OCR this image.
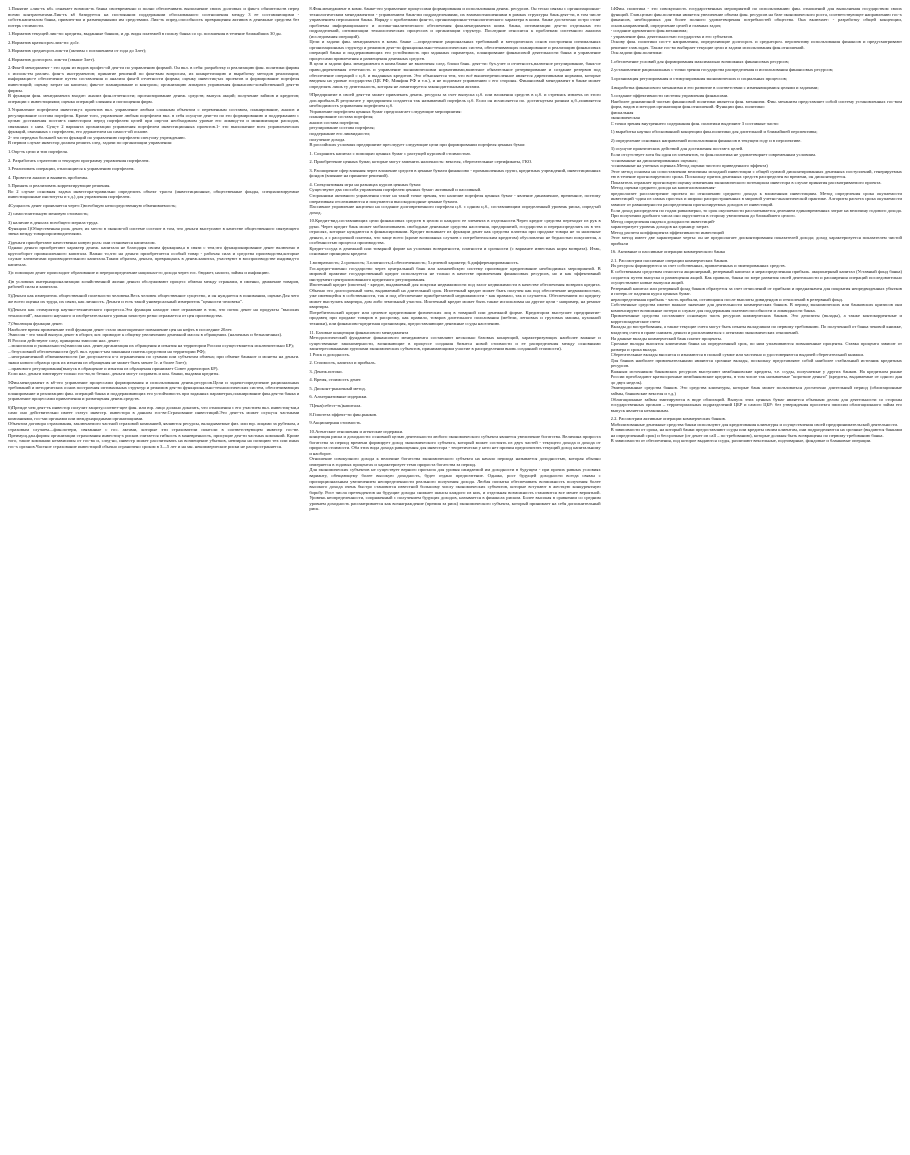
1.Понятие «лик-ть кб» означает возмож-ть банка своевременно и полно обеспечивать выполнение своих долговых и фин-х обязательств перед всеми контрагентами.Лик-ть кб базируется на постоянном поддержании обоснованного соотношения между 3 ее составляющими - собств.капиталом банка, привлеч-ми и размещенными им средствами. Лик-ть опред.способность превращения активов в денежные средства без потерь стоимости.

1.Норматив текущей лик-ти: кредиты, выданные банком, и др. виды платежей в пользу банка со ср. погашения в течение ближайших 30 дн.

2.Норматив краткосроч.лик-ти: до1г.

3.Норматив среднесроч.лик-ти (активы с погашением от года до 3лет);

4.Норматив долгосроч. лик-ти (свыше 3лет).

2.Фин-й менеджмент - это один из видов профес-ой дея-ти по управлению фирмой. Он вкл. в себя: разработку и реализацию фин. политики фирмы с исполь-ем различ. фин-х инструментов; принятие решений по фин-вым вопросам, их конкретизацию и выработку методов реализации; информацио-е обеспечение путем составления и анализа фин-й отчетности фирмы; оценку инвестиц-ых проектов и формирование портфеля инвестиций; оценку затрат на капитал; фин-ое планирование и контроль; организацию аппарата управления финансово-хозяйственной деят-ю фирмы.

В функции фин. менеджмента входит: анализ фин.отчетности; прогнозирование денеж. средств; выпуск акций; получение займов и кредитов; операции с инвестициями; оценка операций слияния и поглощения фирм.

3.Управление портфелем инвестиц-х проектов вкл. управление любым сложным объектом с переменным составом, планирование, анализ и регулирование состава портфеля. Кроме того, управление любым портфелем вкл. в себя осущ-ие деят-ти по его формированию и поддержанию с целью достижения постав-х инвестором перед портфелем целей при опр-ом необходимом уровне его ликвид-ти и минимизации расходов, связанных с ним. Сущ-т 2 варианта организации управления портфелем инвестиционных проектов.1- это выполнение всех управленческих функций, связанных с портфелем, его держателем на самост-ой основе.

2- это передача большей части функций по управлению портфелем спец-ому учреждению.

В первом случае инвестор должен решить след. задачи по организации управления:

1.Опр-ть цели и тип портфеля.

2. Разработать стратегию и текущую программу управления портфелем.

3.Реализовать операции, относящиеся к управлению портфелем.

4. Провести анализ и выявить проблемы.

5.Принять и реализовать корректирующие решения.

Во 2 случае основная задача инвестора-правильно определить объект траста (инвестиционные, общественные фонды, специализируемые инвестиционные институты и т.д.) для управления портфелем.

4Сущность денег проявляется через:1)всеобщую непосредственную обмениваемость;

2) самостоятельную меновую стоимость;

3) наличие в деньгах всеобщего мерила труда.

Функции:1)Общественная роль денег, их место в эконом-ой системе состоит в том, что деньги выступают в качестве общественного связующего звена между товаропроизводителями.

2)деньги приобретают качественно новую роль: они становятся капиталом.

Однако деньги приобретают характер денеж. капитала не благодаря своим функциям,а в связи с тем,что функционирование денег включено в кругооборот промышленного капитала. Важно то,что на деньги приобретается особый товар - рабочая сила и средства производства,которые служат элементами производительного капитала.Таким образом, деньги, превращаясь в денеж.капитал, участвуют в воспроизводстве индивид-го капитала.

3)с помощью денег происходит образование и перераспределение национал-го дохода через гос. бюджет, налоги, займы и инфляцию.

4)в условиях интернационализации хозяйственной жизни деньги обслуживают процесс обмена между странами, в именно, движение товаров, рабочей силы и капитала.

5)Деньги как измеритель общественной полезности человека.Весь человек общественное существо, и он нуждается в понимании, оценке.Для чего же всего оценка их труда, их связи, как личность. Деньги и есть такой универсальный измеритель "ценности человека".

6)Деньги как стимулятор научно-технического прогресса.Эта функция находит свое отражение в том, что поток денег на продукты "высоких технологий", высокого научного и изобретательского уровня зачастую резко отражается от цен производства.

7)Эволюция функции денег.

Наиболее время применение этой функции денег стало многократное повышение цен на нефть в последние 20лет.

Эмиссия - это такой выпуск денег в оборот, кот. приводит к общему увеличению денежной массы в обращении. (наличных и безналичных).

В России действуют след. принципы эмиссии нал. денег:

...монополия и уникальность(эмиссия нал. денег,организация их обращения и изъятия на территории России осуществляется исключительно БР);

...безусловной обеспеченности (руб. вкл. единст-ым законным платеж.средством на территории РФ);

...неограниченной обмениваемости (не допускается к-л ограничения по суммам или субъектам обмена; при обмене банкнот и монеты на деньги. знаки нового образца срок их изъятия из обращения не может быть менее 1г. и более 5лет);

...правового регулирования(выпуск в обращение и изъятия из обращения принимает Совет директоров БР).

Если нал. деньги эмитирует только гос-во,то безнал. деньги могут создавать и кон. банки, выдавая кредиты.

5Фин.менеджмент в кб-это управление процессами формирования и использования денеж.ресурсов.Цели и задачи-определение рациональных требований и методических основ построения оптимальных структур и режимов дея-ти функционально-технологических систем, обеспечивающих планирование и реализацию фин. операций банка и поддерживающих его устойчивость при заданных параметрах,планирование фин.дея-ти банка и управление процессами привлечения и размещения денеж.средств.

6)Прежде чем деят-ть инвестор получит защиту,соответ-щее фин. или юр. лицо должно доказать, что отношения с его участием вкл. инвестиц-ми,а само оно действительно имеет статус инвестр. инвестора в данном гос-ве.Страхование инвестиций.Это деят-ть может осущ-ся частными компаниями, гос-ми органами или международными организациями.

Объектом договора страхования, заключаемого частной страховой компанией, являются ресурсы, вкладываемые физ. или юр. лицами за рубежом, а страховым случаем—фин.потери, связанные с гос. актами, которые эти страхователи понесли в соответствующем инвестр гос-ве. Преимущ.дан.формы организации страхования инвестиц-х рисков считается гибкость в маневренность, присущие дея-ти частных компаний. Кроме того, такие компании независимы от гос-ва и, след-но, инвестр может рассчитывать на возмещение убытков, невзирая на позицию тех или иных гос-х органов.Частное страхование инвестиций обычно ограничено сроком в 3—5 лет и на мн. некоммерческие риски не распространяется.

8.Фин.менеджмент в комм. банке-это управление процессами формирования и использования денеж. ресурсов. Он тесно связан с организационно-технологическим менеджментом - управлением банк-ми подразделениями, их взаимоотношениями в рамках структуры банк.деят-ти, в том числе управлением персоналом банка. Наряду с проблемами фин-го, организационно-технологического характера в комм. банке достаточно остро стоят проблемы информационного и логико-аналитического обеспечения фин.менеджмента комм. банка, оптимизации дея-ти отдельных его подразделений, оптимизации технологических процессов и организации структур. Последние относятся к проблемам системного анализа (исследования операций).

Цели и задачи фин. менеджмента в комм. банке —определение рациональных требований и методических основ построения оптимальных организационных структур и режимов деят-ти функционально-технологических систем, обеспечивающих планирование и реализацию финансовых операций банка и поддерживающих его устойчивость при заданных параметрах, планирование финансовой деятельности банка и управление процессами привлечения и размещения денежных средств.

В цели и задачи фин. менеджмента в комм.банке не включены след. блоки банк. деят-ти: бух.учет и отчетность,валютное регулирование, банк-ое право,директивная отчетность и управление экономическими нормативами,валютное обязательное резервирование и создание резервов под обеспечение операций с ц.б. и выданных кредитов. Это объясняется тем, что всё вышеперечисленное является директивными нормами, которые введены на уровне государства (ЦБ РФ, Минфин РФ и т.п.), и не подлежат управлению с его стороны. Финансовый менеджмент в банке может определять лишь ту деятельность, которая не лимитируется законодательными актами.

9Предприятие в своей деят-ти может привлекать денеж. ресурсы за счет выпуска ц.б. или вложения средств в ц.б. и стремясь извлечь из этого доп.прибыль.В результате у предприятия создается так называемый портфель ц.б. Если он исчисляется по. достигнутым разным ц.б.,появляется необходимость управления портфелем ц.б.

Управление портфелем ценных бумаг предполагает следующие мероприятия:

планирование состава портфеля;

анализ состава портфеля;

регулирование состава портфеля;

поддержание его ликвидности;

получение дохода.

В российских условиях предприятие преследует следующие цели при формировании портфеля ценных бумаг.

1. Сохранить капитал с помощью ценных бумаг с растущей курсовой стоимостью.

2. Приобретение ценных бумаг, которые могут заменить наличность: векселя, сберегательные сертификаты, ГКО.

3. Расширение сфер влияния через вложение средств в ценные бумаги финансово - промышленных групп, кредитных учреждений, инвестиционных фондов (влияние на принятие решений).

4. Спекулятивная игра на разницах курсов ценных бумаг.

Существуют два способа управления портфелем ценных бумаг: активный и пассивный.

Сторонники активного управления стоят на такой точке зрения, что наличие портфеля ценных бумаг - явление динамичное, временное, поэтому оперативная отслеживаются и покупаются высокодоходные ценные бумаги.

Пассивное управление нацелено на создание долговременного портфеля ц.б. с одним ц.б., составляющим определенный уровень риска, опред-ый доход.

10.Кредит-вид.составляющих цели финансовых средств в целом и каждого ее элемента в отдельности.Через кредит средства переходят из рук в руки. Через кредит банк может мобилизовывать свободные денежные средства населения, предприятий, государства и перераспределять их в тех отраслях, которые нуждаются в финансировании. Кредит возникает из функции денег как средства платежа при продаже товара не за наличные деньги, а с рассрочкой платежа, что чаще всего (кроме возможных случаев с потребительским кредитом) обусловлено не бедностью покупателя, а особенностью процесса производства.

Кредит-сссуда в денежной или товарной форме на условиях возвратности, платности и срочности (с варианте известных норм возврата). Итак, основные принципы кредита:

1.возвратность; 2.срочность; 3.платность;4.обеспеченность; 5.целевой характер; 6.дифференцированность.

Гос.кредит-именно государство через центральный банк или казначейскую систему производит кредитование необходимых мероприятий. В мировой практике государственный кредит используется не только в качестве привлечения финансовых ресурсов, но и как эффективный инструмент централизованного кредитного регулирования.

Ипотечный кредит (ипотека) - кредит, выдаваемый для покупки недвижимости под залог недвижимости в качестве обеспечения возврата кредита. Обычно это долгосрочный заем, выдаваемый на длительный срок. Ипотечный кредит может быть получен как под обеспечение недвижимостью, уже имеющейся в собственности, так и под обеспечение приобретаемой недвижимости - как правило, так и случается. Обеспечением по кредиту может выступать квартира, дом либо земельный участок. Ипотечный кредит может быть также использован на другие цели - например, на ремонт квартиры.

Потребительский кредит или целевое кредитование физических лиц в товарной или денежной форме. Кредитором выступает предприятие-продавец при продаже товаров в рассрочку, как правило, товаров длительного пользования (мебели, легковых и грузовых машин, кухонной техники), или финансово-кредитная организация, предоставляющие денежные ссуды населению.

11. Базовые концепции финансового менеджмента

Методологический фундамент финансового менеджмента составляют несколько базовых концепций, характеризующих наиболее важные и существенные закономерности, возникающие в процессе создания бизнеса новой стоимости и ее распределения между основными заинтересованными группами экономических субъектов, принимающими участие в распределении вновь созданной стоимости).

1 Риск и доходность.

2. Стоимость, капитал и прибыль.

3. Денеж.потоки.

4. Время, стоимость денег.

5. Дисконт-рыночный метод.

6. Альтернативные издержки.

7Цена(себест-ть)капитала.

8.Гипотеза эффект-ти фин.рынков.

9.Акционерная стоимость.

10.Агентские отношения и агентские издержки.

концепция риска и доходности: основной целью деятельности любого экономического субъекта является увеличение богатства. Величина прироста богатства за период времени формирует доход экономического субъекта, который может состоять из двух частей - текущего дохода и дохода от прироста стоимости. Оба этих вида дохода равноценны для инвестора - теоретически у него нет причин предпочитать текущий доход капитальному и наоборот.

Отношение совокупного дохода к величине богатства экономического субъекта на начало периода называется доходностью, которая обычно измеряется в годовых процентах и характеризует темп прироста богатства за период.

Для экономических субъектов не существует верного прогноза для уровня ожидаемой им доходности в будущем - при прочих равных условиях варианту, обещающему более высокую доходность, будет отдано предпочтение. Однако, рост будущей доходности всегда связан с пропорциональным увеличением неопределенности реального получения дохода. Любая попытка обеспечивать возможность получения более высокого дохода очень быстро становится известной большому числу экономических субъектов, которые вступают в жесткую конкурентную борьбу. Рост числа претендентов на будущие доходы снижает шансы каждого из них, и отдельная возможность становится все менее вероятной. Уровень неопределенности, сопряженный с получением будущих доходов, называется в финансах риском. Более высокая в сравнении со средним уровнем доходность рассматривается как вознаграждение (премия за риск) экономического субъекта, который принимает на себя дополнительный риск.

14Фин. политика - это совокупность государственных мероприятий по использованию фин. отношений для выполнения государством своих функций. Глав.целью фин.политики является увеличение объема фин. ресурсов на базе экономического роста, соответствующее направлению гос-х финансов, необходимых для более полного удовлетворения потребностей общества. Она включает: - разработку общей концепции, основ.направлений, определение целей и главных задач;

- создание адекватного фин.механизма;

- управление фин. деятельностью государства и его субъектов.

Основу фин. политики сост-т направления, определяющие долгосроч. и среднесроч. перспективу использования финансов и предусматривают решение глав.задач. Также гос-во выбирает текущие цели и задачи использования фин.отношений.

Осн.задачи фин.политики:

1.обеспечение условий для формирования максимально возможных финансовых ресурсов;

2.установление рациональных с точки зрения государства распределения и использования финансовых ресурсов;

3.организация регулирования и стимулирования экономических и социальных процессов;

4.выработка финансового механизма и его развитие в соответствии с изменяющимися целями и задачами;

5.создание эффективности системы управления финансами.

Наиболее динамичной частью финансовой политики является фин. механизм. Фин. механизм представляет собой систему установленных гос-вом форм, видов и методов организации фин.отношений. Функции фин. политики:

фискальная

экономическая

С точки зрения внутреннего содержания фин. политики выделяют 3 составные части:

1) выработка научно обоснованной концепции фин.политики для длительной и ближайшей перспективы;

2) определение основных направлений использования финансов в текущем году и в перспективе.

3) осущ-ие практических действий для достижения постав-х целей.

Если отсутствует хотя бы один из элементов, то фин.политика не удовлетворяет современным условиям.

-основанные на дисконтированных оценках;

-основанные на учетных оценках.Метод оценки чистого приведенного эффекта)

Этот метод основан на сопоставлении величины исходной инвестиции с общей суммой дисконтированных денежных поступлений, генерируемых ею в течение прогнозируемого срока. Поскольку приток денежных средств распределен во времени, он дисконтируется.

Показатель отражает прогнозную оценку изменения экономического потенциала инвестора в случае принятия рассматриваемого проекта.

Метод оценки среднего дохода на капиталовложения-

предполагает расссмотрение проекта по отношению среднего дохода к вложенным инвестициям. Метод определения срока окупаемости инвестиций -один из самых простых и широко распространенных в мировой учетно-аналитической практике. Алгоритм расчета срока окупаемости зависит от равномерности распределения прогнозируемых доходов от инвестиций.

Если доход распределен по годам равномерно, то срок окупаемости рассчитывается делением единовременных затрат на величину годового дохода. При получении дробного числа оно округляется в сторону увеличения до ближайшего целого.

Метод определения индекса доходности инвестиций-

характеризует уровень доходов на единицу затрат.

Метод расчета коэффициента эффективности инвестиций

Этот метод имеет две характерные черты: он не предполагает дисконтирования показателей дохода; доход характеризуется показателем чистой прибыли

16. Активные и пассивные операции коммерческого банка

2.1. Рассмотрим пассивные операции коммерческих банков.

Их ресурсы формируются за счет собственных, привлеченных и эмитированных средств.

К собственным средствам относятся акционерный, резервный капитал и нераспределенная прибыль. акционерный капитал (Уставный фонд банка) создается путем выпуска и размещения акций. Как правило, банки по мере развития своей деятельности и расширения операций последовательно осуществляют новые выпуски акций.

Резервный капитал или резервный фонд банков образуется за счет отчислений от прибыли и предназначен для покрытия непредвиденных убытков и потерь от падения курса ценных бумаг.

нераспределенная прибыль - часть прибыли, остающаяся после выплаты дивидендов и отчислений в резервный фонд.

Собственные средства имеют важное значение для деятельности коммерческих банков. В период экономических или банковских кризисов они компенсируют возможные потери и служат для поддержания платежеспособности и ликвидности банка.

Привлеченные средства составляют основную часть ресурсов коммерческих банков. Это депозиты (вклады), а также контокоррентные и корреспондентские счета

Вклады до востребования, а также текущие счета могут быть изъяты вкладчиком по первому требованию. По полученной от банка чековой книжке, владелец счета в праве снимать деньги и расплачиваться с агентами экономических отношений.

На данные вклады коммерческий банк платит проценты.

Срочные вклады вносятся клиентами банка на определенный срок, по ним уплачиваются повышенные проценты. Ставка процента зависит от размера и срока вклада.

Сберегательные вклады вносятся и изымаются в полной сумме или частично и удостоверяются выдачей сберегательной книжки.

Для банков наиболее привлекательными являются срочные вклады, поскольку представляют собой наиболее стабильный источник кредитных ресурсов.

Важным источником банковских ресурсов выступают межбанковские кредиты, т.е. ссуды, получаемые у других банков. На кредитном рынке России преобладают краткосрочные межбанковские кредиты, в том числе так называемые "короткие деньги" (кредиты, выдаваемые от одного дня до двух недель).

Эмитированные средства банков. Это средства клиентуры, которые банк может пользоваться достаточно длительный период (облигационные займы, банковские векселя и т.д.)

Облигационные займы эмитируются в виде облигаций. Выпуск этих ценных бумаг является обычным делом для деятельности со стороны государственных органов – территориальных подразделений ЦБР и самого ЦБР: без утверждения проспекта эмиссии облигационного займа его выпуск является незаконным.

2.2. Рассмотрим активные операции коммерческих банков.

Мобилизованные денежные средства банки используют для кредитования клиентуры и осуществления своей предпринимательской деятельности.

В зависимости от срока, на который банки предоставляют ссуды или кредиты своим клиентам, они подразделяются на срочные (выдаются банками на определенный срок) и бессрочные (от денег on call – по требованию), которые должны быть возвращены по первому требованию банка.

В зависимости от обеспечения, под которое выдаются ссуды, различают вексельные, подтоварные, фондовые и бланковые операции.
